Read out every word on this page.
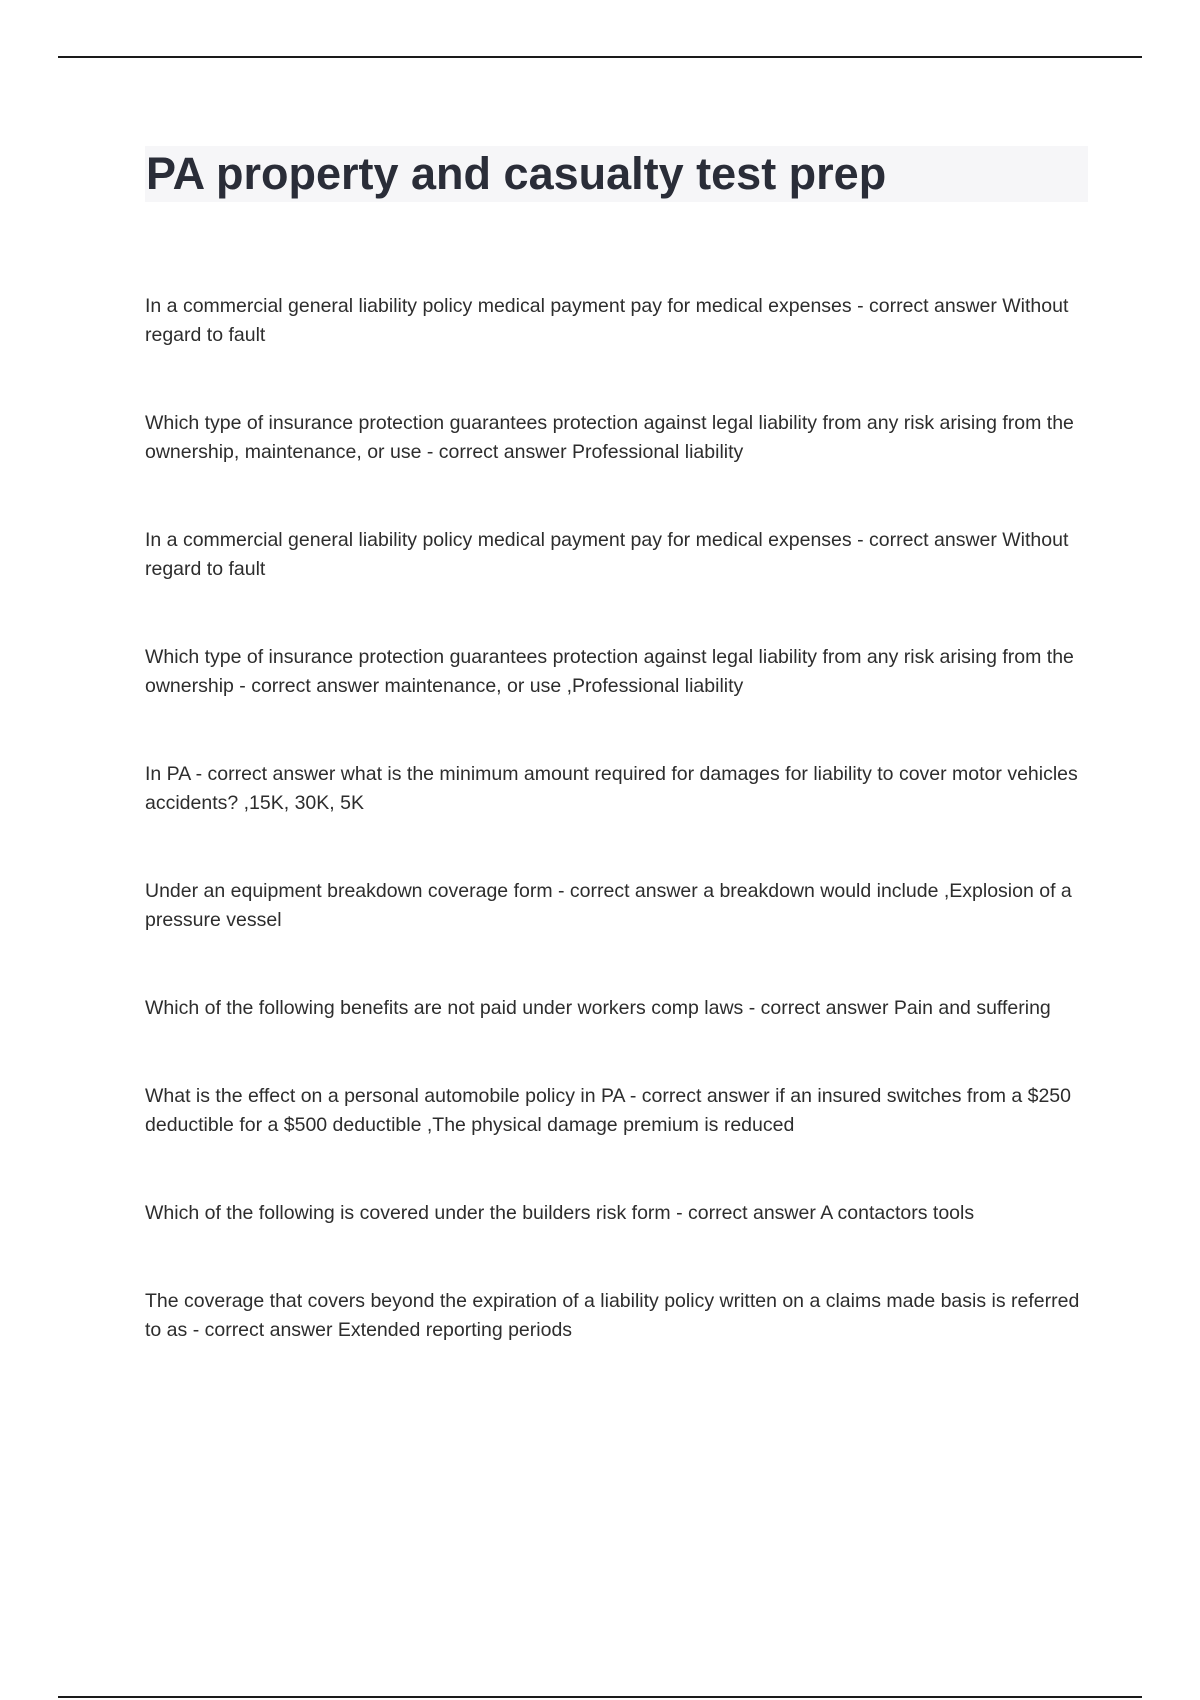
PA property and casualty test prep

In a commercial general liability policy medical payment pay for medical expenses - correct answer Without regard to fault

Which type of insurance protection guarantees protection against legal liability from any risk arising from the ownership, maintenance, or use - correct answer Professional liability

In a commercial general liability policy medical payment pay for medical expenses - correct answer Without regard to fault

Which type of insurance protection guarantees protection against legal liability from any risk arising from the ownership - correct answer maintenance, or use ,Professional liability

In PA - correct answer what is the minimum amount required for damages for liability to cover motor vehicles accidents? ,15K, 30K, 5K

Under an equipment breakdown coverage form - correct answer a breakdown would include ,Explosion of a pressure vessel

Which of the following benefits are not paid under workers comp laws - correct answer Pain and suffering

What is the effect on a personal automobile policy in PA - correct answer if an insured switches from a $250 deductible for a $500 deductible ,The physical damage premium is reduced

Which of the following is covered under the builders risk form - correct answer A contactors tools

The coverage that covers beyond the expiration of a liability policy written on a claims made basis is referred to as - correct answer Extended reporting periods
